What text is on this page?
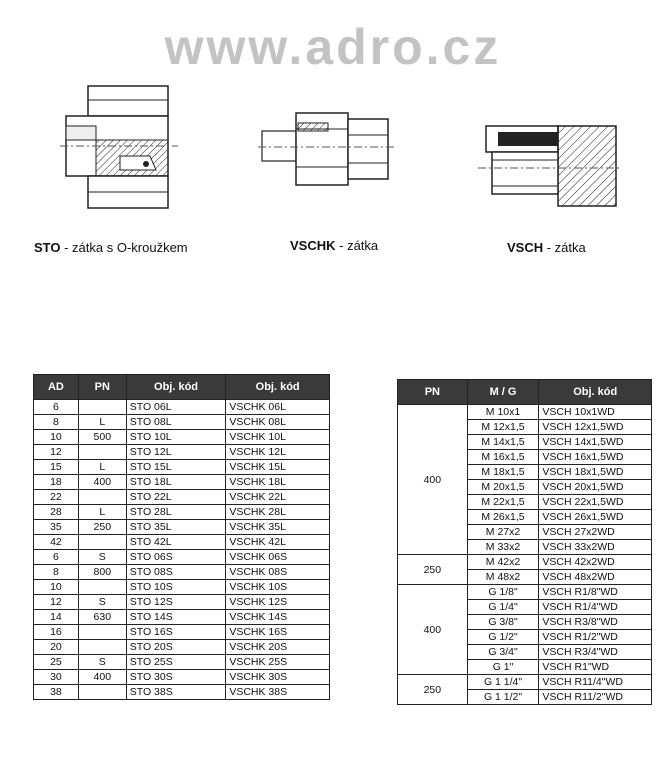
www.adro.cz
STO - zátka s O-kroužkem	VSCHK - zátka	VSCH - zátka
AD	PN	Obj. kód	Obj. kód
6		STO 06L	VSCHK 06L
8	L	STO 08L	VSCHK 08L
10	500	STO 10L	VSCHK 10L
12		STO 12L	VSCHK 12L
15	L	STO 15L	VSCHK 15L
18	400	STO 18L	VSCHK 18L
22		STO 22L	VSCHK 22L
28	L	STO 28L	VSCHK 28L
35	250	STO 35L	VSCHK 35L
42		STO 42L	VSCHK 42L
6	S	STO 06S	VSCHK 06S
8	800	STO 08S	VSCHK 08S
10		STO 10S	VSCHK 10S
12	S	STO 12S	VSCHK 12S
14	630	STO 14S	VSCHK 14S
16		STO 16S	VSCHK 16S
20		STO 20S	VSCHK 20S
25	S	STO 25S	VSCHK 25S
30	400	STO 30S	VSCHK 30S
38		STO 38S	VSCHK 38S
PN	M / G	Obj. kód
400	M 10x1	VSCH 10x1WD
	M 12x1,5	VSCH 12x1,5WD
	M 14x1,5	VSCH 14x1,5WD
	M 16x1,5	VSCH 16x1,5WD
	M 18x1,5	VSCH 18x1,5WD
	M 20x1,5	VSCH 20x1,5WD
	M 22x1,5	VSCH 22x1,5WD
	M 26x1,5	VSCH 26x1,5WD
	M 27x2	VSCH 27x2WD
	M 33x2	VSCH 33x2WD
250	M 42x2	VSCH 42x2WD
	M 48x2	VSCH 48x2WD
400	G 1/8"	VSCH R1/8"WD
	G 1/4"	VSCH R1/4"WD
	G 3/8"	VSCH R3/8"WD
	G 1/2"	VSCH R1/2"WD
	G 3/4"	VSCH R3/4"WD
	G 1"	VSCH R1"WD
250	G 1 1/4"	VSCH R11/4"WD
	G 1 1/2"	VSCH R11/2"WD
